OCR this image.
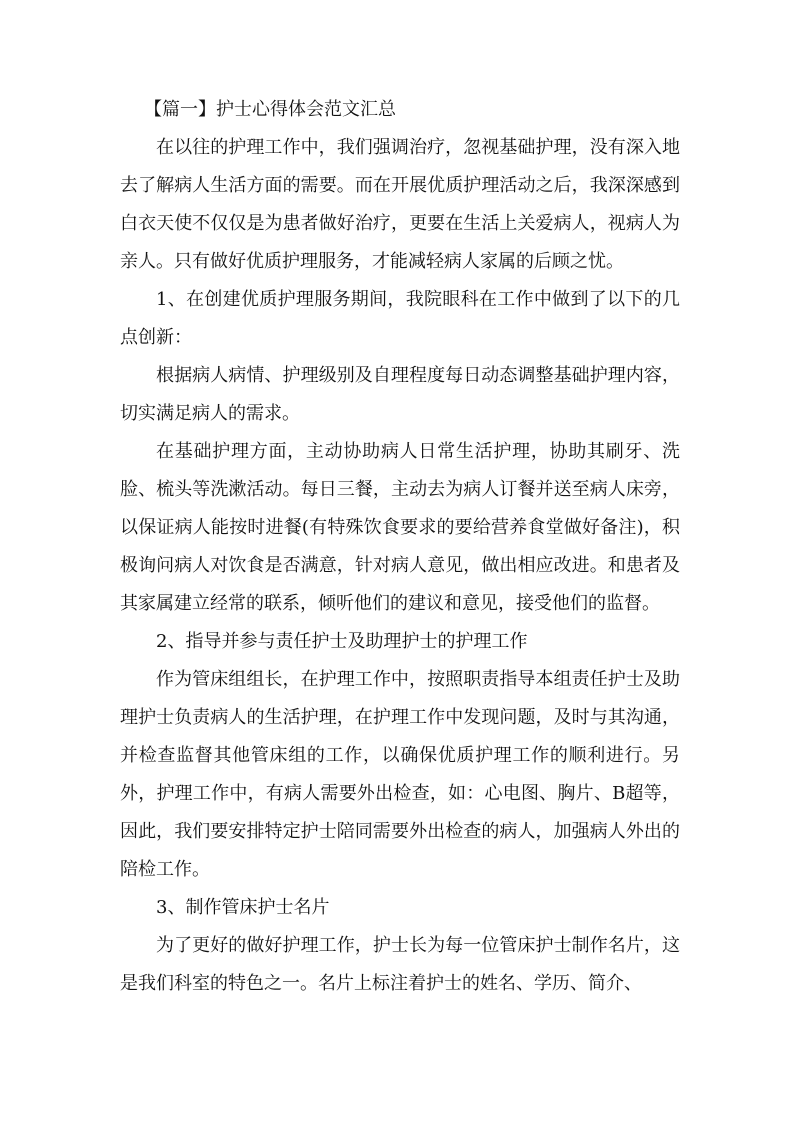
【篇一】护士心得体会范文汇总

在以往的护理工作中，我们强调治疗，忽视基础护理，没有深入地去了解病人生活方面的需要。而在开展优质护理活动之后，我深深感到白衣天使不仅仅是为患者做好治疗，更要在生活上关爱病人，视病人为亲人。只有做好优质护理服务，才能减轻病人家属的后顾之忧。

1、在创建优质护理服务期间，我院眼科在工作中做到了以下的几点创新：

根据病人病情、护理级别及自理程度每日动态调整基础护理内容，切实满足病人的需求。

在基础护理方面，主动协助病人日常生活护理，协助其刷牙、洗脸、梳头等洗漱活动。每日三餐，主动去为病人订餐并送至病人床旁，以保证病人能按时进餐(有特殊饮食要求的要给营养食堂做好备注)，积极询问病人对饮食是否满意，针对病人意见，做出相应改进。和患者及其家属建立经常的联系，倾听他们的建议和意见，接受他们的监督。

2、指导并参与责任护士及助理护士的护理工作

作为管床组组长，在护理工作中，按照职责指导本组责任护士及助理护士负责病人的生活护理，在护理工作中发现问题，及时与其沟通，并检查监督其他管床组的工作，以确保优质护理工作的顺利进行。另外，护理工作中，有病人需要外出检查，如：心电图、胸片、B超等，因此，我们要安排特定护士陪同需要外出检查的病人，加强病人外出的陪检工作。

3、制作管床护士名片

为了更好的做好护理工作，护士长为每一位管床护士制作名片，这是我们科室的特色之一。名片上标注着护士的姓名、学历、简介、
